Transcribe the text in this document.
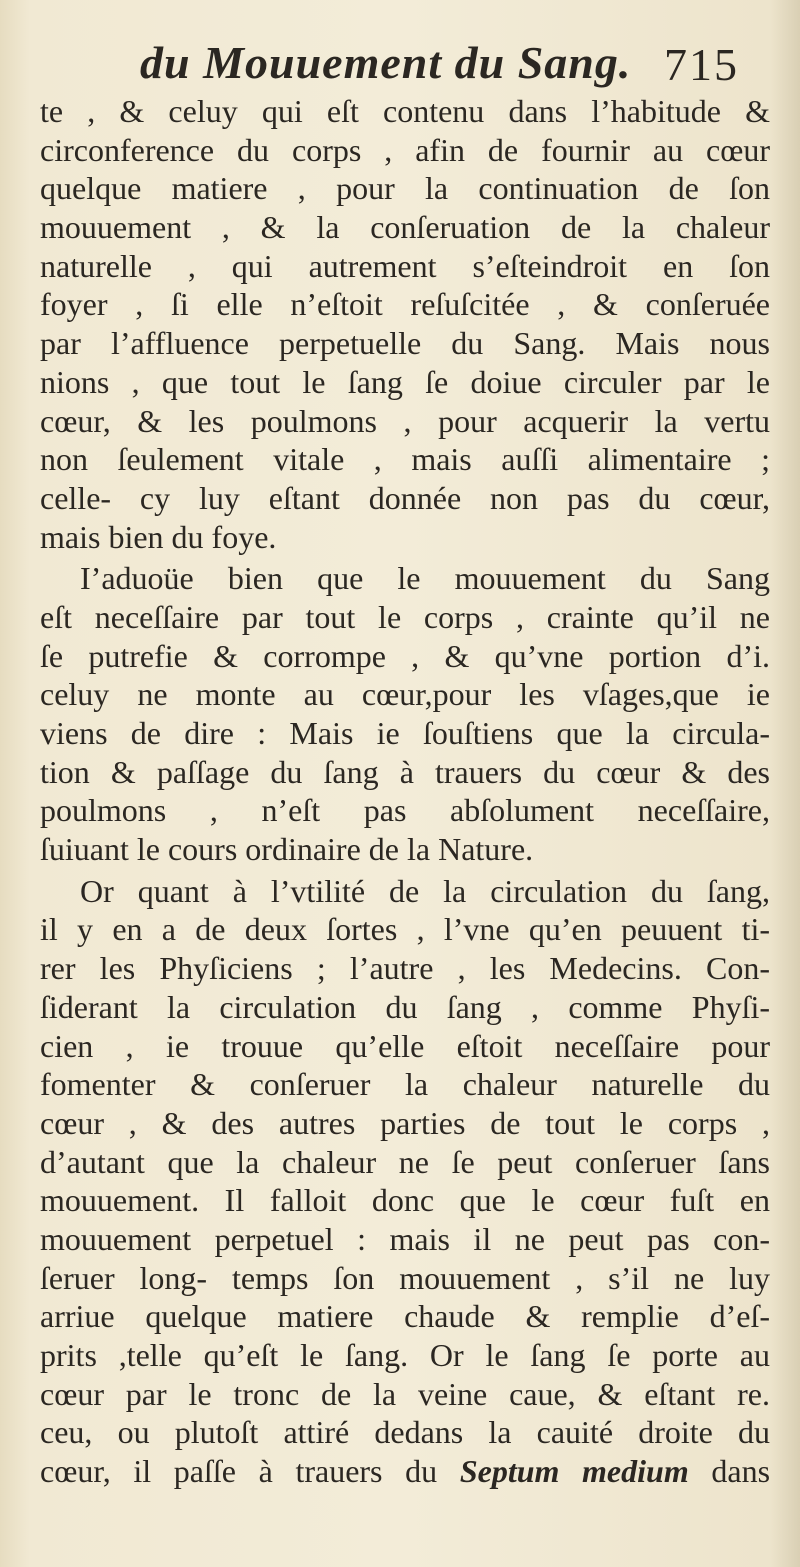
du Mouuement du Sang. 715
te , & celuy qui eſt contenu dans l’habitude &
circonference du corps , afin de fournir au cœur
quelque matiere , pour la continuation de ſon
mouuement , & la conſeruation de la chaleur
naturelle , qui autrement s’eſteindroit en ſon
foyer , ſi elle n’eſtoit reſuſcitée , & conſeruée
par l’affluence perpetuelle du Sang. Mais nous
nions , que tout le ſang ſe doiue circuler par le
cœur, & les poulmons , pour acquerir la vertu
non ſeulement vitale , mais auſſi alimentaire ;
celle- cy luy eſtant donnée non pas du cœur,
mais bien du foye.
I’aduoüe bien que le mouuement du Sang
eſt neceſſaire par tout le corps , crainte qu’il ne
ſe putrefie & corrompe , & qu’vne portion d’i.
celuy ne monte au cœur,pour les vſages,que ie
viens de dire : Mais ie ſouſtiens que la circula-
tion & paſſage du ſang à trauers du cœur & des
poulmons , n’eſt pas abſolument neceſſaire,
ſuiuant le cours ordinaire de la Nature.
Or quant à l’vtilité de la circulation du ſang,
il y en a de deux ſortes , l’vne qu’en peuuent ti-
rer les Phyſiciens ; l’autre , les Medecins. Con-
ſiderant la circulation du ſang , comme Phyſi-
cien , ie trouue qu’elle eſtoit neceſſaire pour
fomenter & conſeruer la chaleur naturelle du
cœur , & des autres parties de tout le corps ,
d’autant que la chaleur ne ſe peut conſeruer ſans
mouuement. Il falloit donc que le cœur fuſt en
mouuement perpetuel : mais il ne peut pas con-
ſeruer long- temps ſon mouuement , s’il ne luy
arriue quelque matiere chaude & remplie d’eſ-
prits ,telle qu’eſt le ſang. Or le ſang ſe porte au
cœur par le tronc de la veine caue, & eſtant re.
ceu, ou plutoſt attiré dedans la cauité droite du
cœur, il paſſe à trauers du Septum medium dans
